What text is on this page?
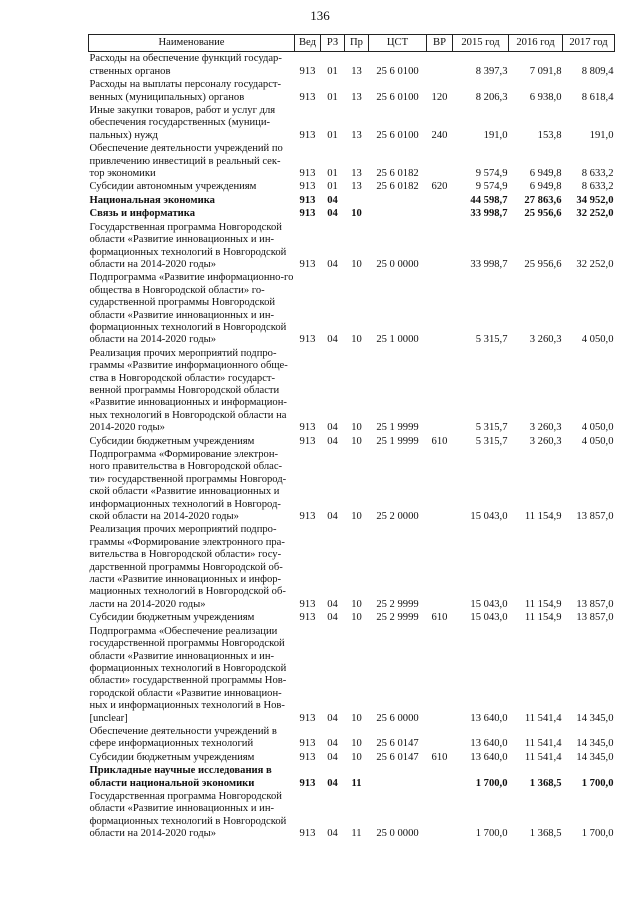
136
Наименование	Вед	РЗ	Пр	ЦСТ	ВР	2015 год	2016 год	2017 год
Расходы на обеспечение функций государ-ственных органов	913	01	13	25 6 0100		8 397,3	7 091,8	8 809,4
Расходы на выплаты персоналу государст-венных (муниципальных) органов	913	01	13	25 6 0100	120	8 206,3	6 938,0	8 618,4
Иные закупки товаров, работ и услуг для обеспечения государственных (муници-пальных) нужд	913	01	13	25 6 0100	240	191,0	153,8	191,0
Обеспечение деятельности учреждений по привлечению инвестиций в реальный сек-тор экономики	913	01	13	25 6 0182		9 574,9	6 949,8	8 633,2
Субсидии автономным учреждениям	913	01	13	25 6 0182	620	9 574,9	6 949,8	8 633,2
Национальная экономика	913	04				44 598,7	27 863,6	34 952,0
Связь и информатика	913	04	10			33 998,7	25 956,6	32 252,0
Государственная программа Новгородской области «Развитие инновационных и ин-формационных технологий в Новгородской области на 2014-2020 годы»	913	04	10	25 0 0000		33 998,7	25 956,6	32 252,0
Подпрограмма «Развитие информационно-го общества в Новгородской области» го-сударственной программы Новгородской области «Развитие инновационных и ин-формационных технологий в Новгородской области на 2014-2020 годы»	913	04	10	25 1 0000		5 315,7	3 260,3	4 050,0
Реализация прочих мероприятий подпро-граммы «Развитие информационного обще-ства в Новгородской области» государст-венной программы Новгородской области «Развитие инновационных и информацион-ных технологий в Новгородской области на 2014-2020 годы»	913	04	10	25 1 9999		5 315,7	3 260,3	4 050,0
Субсидии бюджетным учреждениям	913	04	10	25 1 9999	610	5 315,7	3 260,3	4 050,0
Подпрограмма «Формирование электрон-ного правительства в Новгородской облас-ти» государственной программы Новгород-ской области «Развитие инновационных и информационных технологий в Новгород-ской области на 2014-2020 годы»	913	04	10	25 2 0000		15 043,0	11 154,9	13 857,0
Реализация прочих мероприятий подпро-граммы «Формирование электронного пра-вительства в Новгородской области» госу-дарственной программы Новгородской об-ласти «Развитие инновационных и инфор-мационных технологий в Новгородской об-ласти на 2014-2020 годы»	913	04	10	25 2 9999		15 043,0	11 154,9	13 857,0
Субсидии бюджетным учреждениям	913	04	10	25 2 9999	610	15 043,0	11 154,9	13 857,0
Подпрограмма «Обеспечение реализации государственной программы Новгородской области «Развитие инновационных и ин-формационных технологий в Новгородской области» государственной программы Нов-городской области «Развитие инновацион-ных и информационных технологий в Нов-[unclear]	913	04	10	25 6 0000		13 640,0	11 541,4	14 345,0
Обеспечение деятельности учреждений в сфере информационных технологий	913	04	10	25 6 0147		13 640,0	11 541,4	14 345,0
Субсидии бюджетным учреждениям	913	04	10	25 6 0147	610	13 640,0	11 541,4	14 345,0
Прикладные научные исследования в области национальной экономики	913	04	11			1 700,0	1 368,5	1 700,0
Государственная программа Новгородской области «Развитие инновационных и ин-формационных технологий в Новгородской области на 2014-2020 годы»	913	04	11	25 0 0000		1 700,0	1 368,5	1 700,0
